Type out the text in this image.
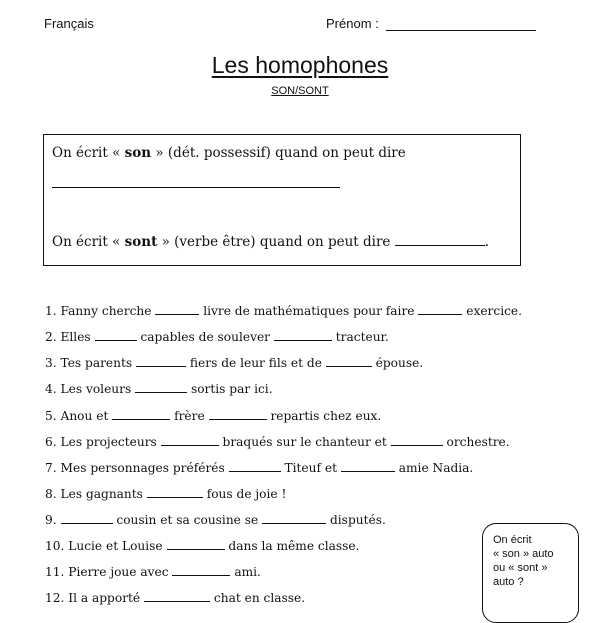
Français	Prénom :
Les homophones
SON/SONT
On écrit « son » (dét. possessif) quand on peut dire
On écrit « sont » (verbe être) quand on peut dire	.
1. Fanny cherche	livre de mathématiques pour faire	exercice.
2. Elles	capables de soulever	tracteur.
3. Tes parents	fiers de leur fils et de	épouse.
4. Les voleurs	sortis par ici.
5. Anou et	frère	repartis chez eux.
6. Les projecteurs	braqués sur le chanteur et	orchestre.
7. Mes personnages préférés	Titeuf et	amie Nadia.
8. Les gagnants	fous de joie !
9.	cousin et sa cousine se	disputés.
10. Lucie et Louise	dans la même classe.
11. Pierre joue avec	ami.
12. Il a apporté	chat en classe.
On écrit
« son » auto
ou « sont »
auto ?
